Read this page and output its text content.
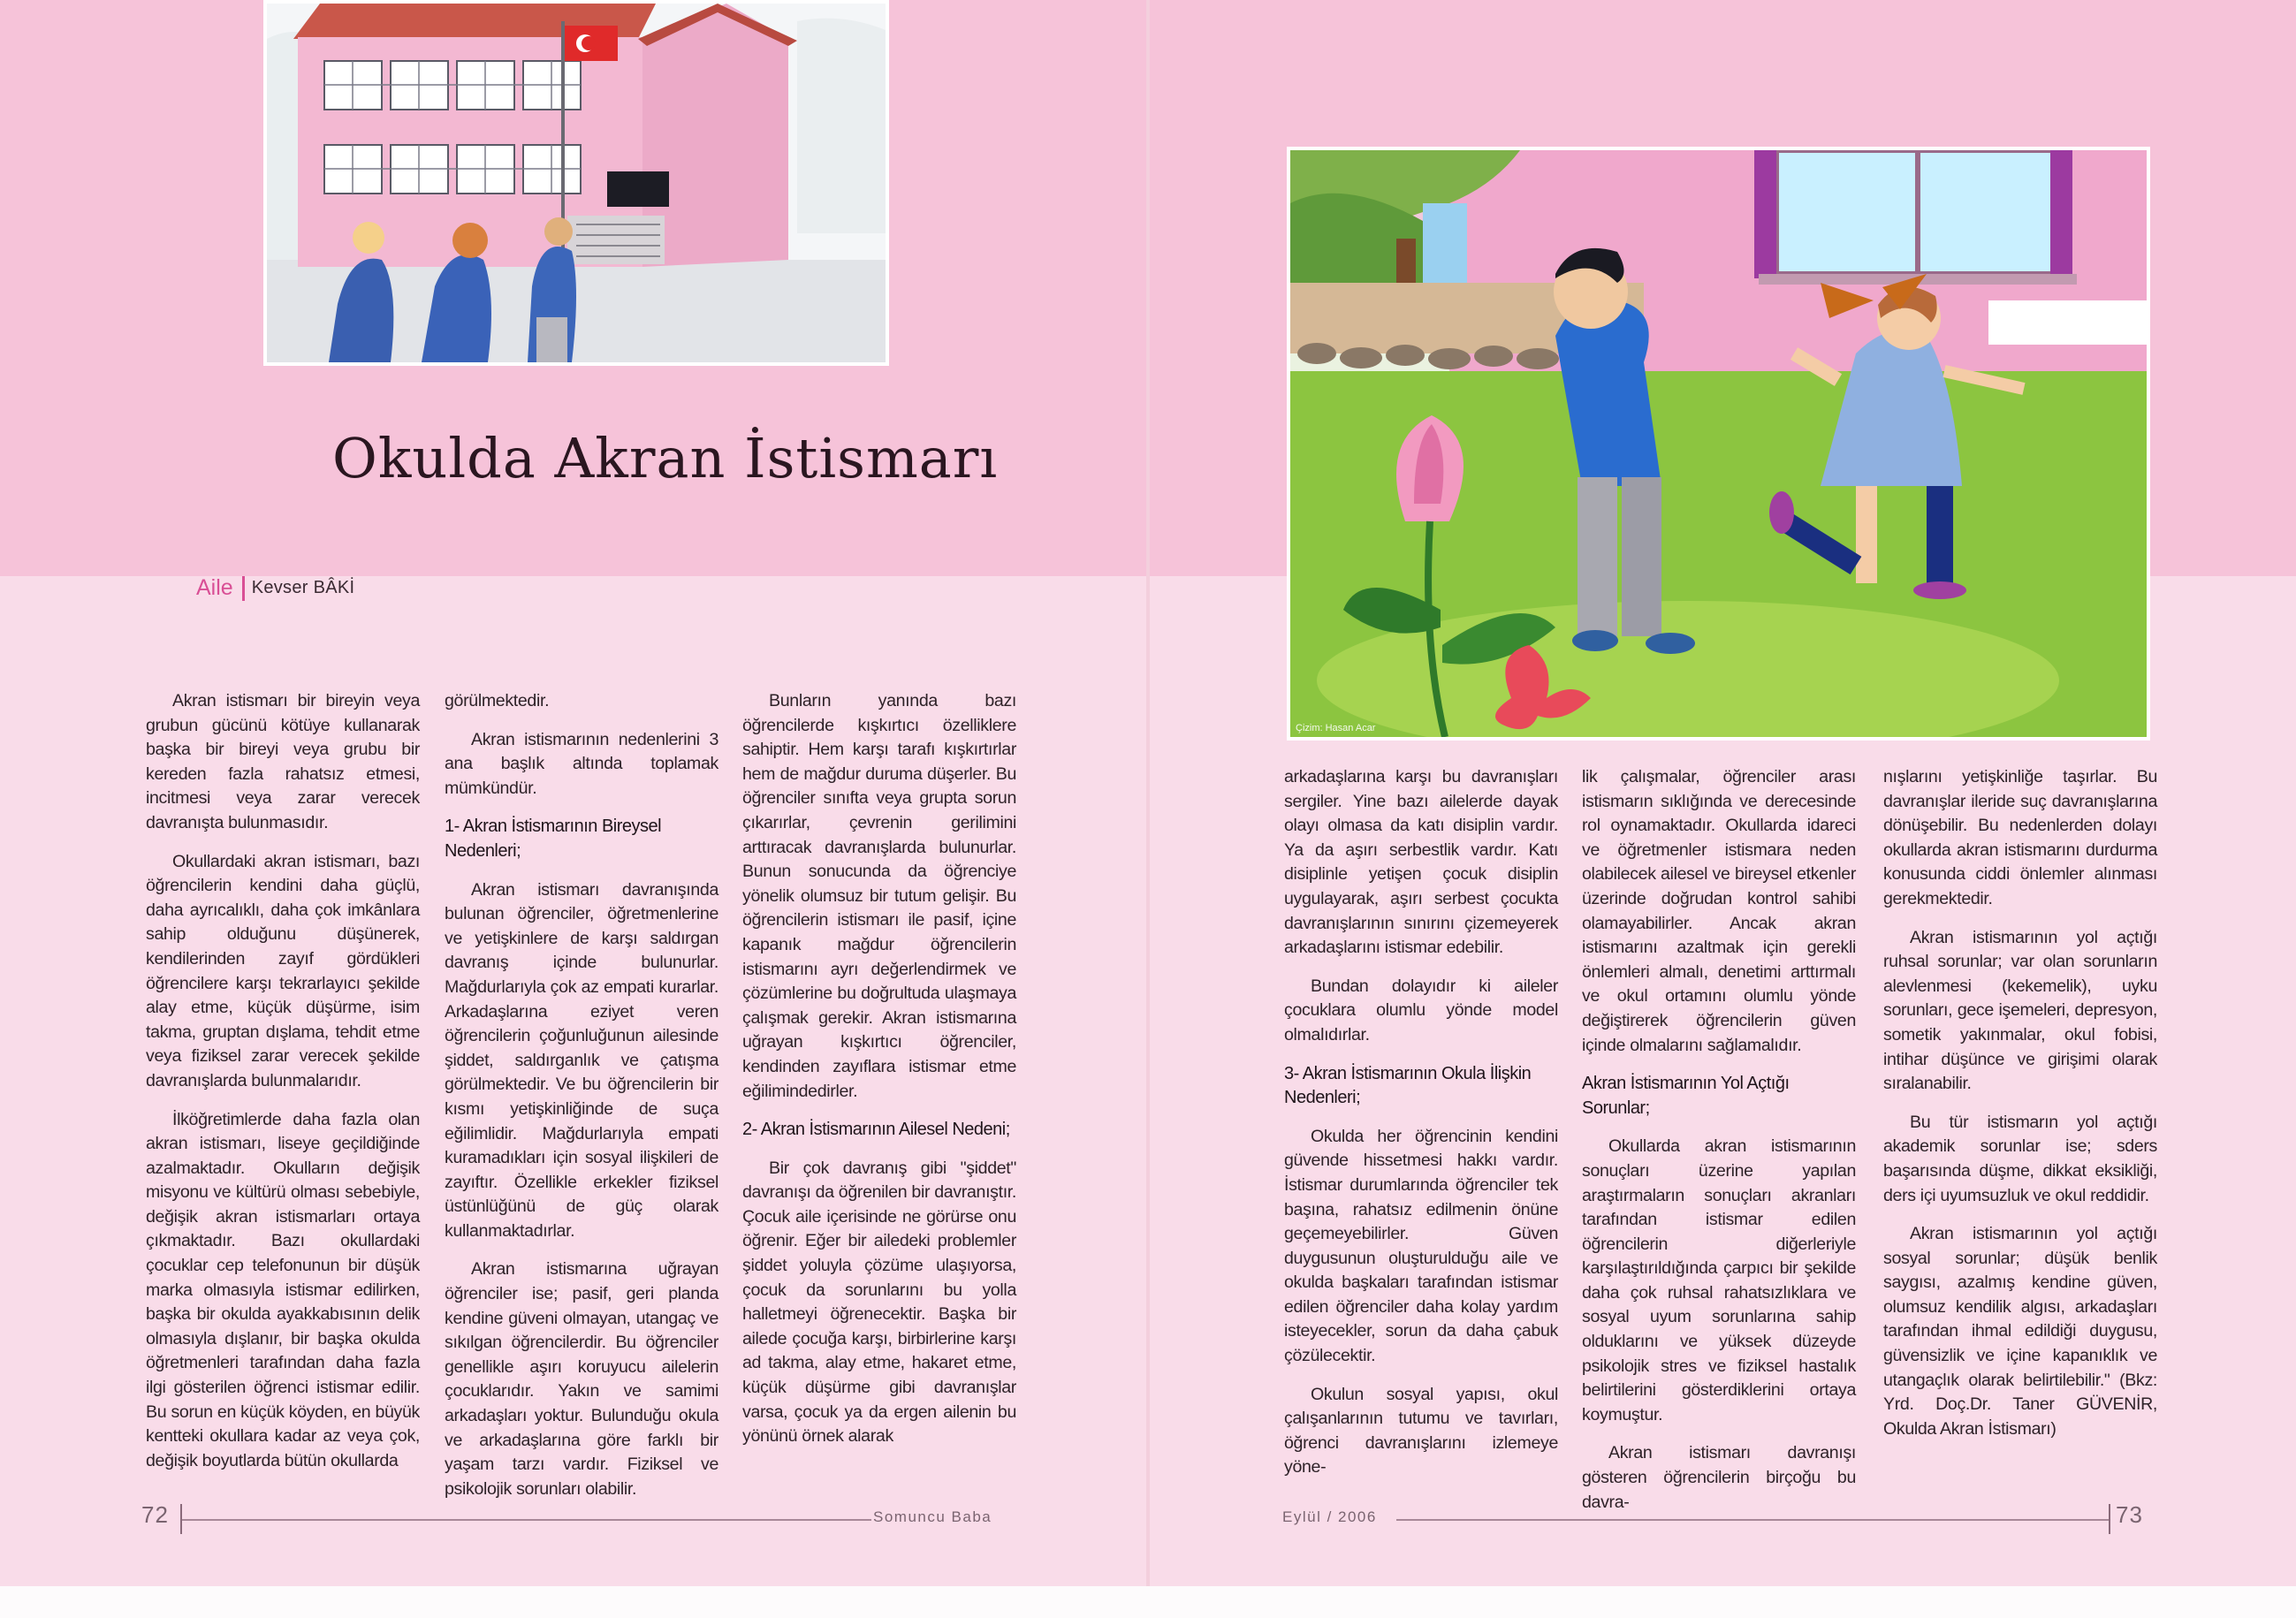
Çizim: Hasan Acar
Okulda Akran İstismarı
Aile Kevser BÂKİ

Akran istismarı bir bireyin veya grubun gücünü kötüye kullanarak başka bir bireyi veya grubu bir kereden fazla rahatsız etmesi, incitmesi veya zarar verecek davranışta bulunmasıdır.

Okullardaki akran istismarı, bazı öğrencilerin kendini daha güçlü, daha ayrıcalıklı, daha çok imkânlara sahip olduğunu düşünerek, kendilerinden zayıf gördükleri öğrencilere karşı tekrarlayıcı şekilde alay etme, küçük düşürme, isim takma, gruptan dışlama, tehdit etme veya fiziksel zarar verecek şekilde davranışlarda bulunmalarıdır.

İlköğretimlerde daha fazla olan akran istismarı, liseye geçildiğinde azalmaktadır. Okulların değişik misyonu ve kültürü olması sebebiyle, değişik akran istismarları ortaya çıkmaktadır. Bazı okullardaki çocuklar cep telefonunun bir düşük marka olmasıyla istismar edilirken, başka bir okulda ayakkabısının delik olmasıyla dışlanır, bir başka okulda öğretmenleri tarafından daha fazla ilgi gösterilen öğrenci istismar edilir. Bu sorun en küçük köyden, en büyük kentteki okullara kadar az veya çok, değişik boyutlarda bütün okullarda

görülmektedir.

Akran istismarının nedenlerini 3 ana başlık altında toplamak mümkündür.

1- Akran İstismarının Bireysel Nedenleri;

Akran istismarı davranışında bulunan öğrenciler, öğretmenlerine ve yetişkinlere de karşı saldırgan davranış içinde bulunurlar. Mağdurlarıyla çok az empati kurarlar. Arkadaşlarına eziyet veren öğrencilerin çoğunluğunun ailesinde şiddet, saldırganlık ve çatışma görülmektedir. Ve bu öğrencilerin bir kısmı yetişkinliğinde de suça eğilimlidir. Mağdurlarıyla empati kuramadıkları için sosyal ilişkileri de zayıftır. Özellikle erkekler fiziksel üstünlüğünü de güç olarak kullanmaktadırlar.

Akran istismarına uğrayan öğrenciler ise; pasif, geri planda kendine güveni olmayan, utangaç ve sıkılgan öğrencilerdir. Bu öğrenciler genellikle aşırı koruyucu ailelerin çocuklarıdır. Yakın ve samimi arkadaşları yoktur. Bulunduğu okula ve arkadaşlarına göre farklı bir yaşam tarzı vardır. Fiziksel ve psikolojik sorunları olabilir.

Bunların yanında bazı öğrencilerde kışkırtıcı özelliklere sahiptir. Hem karşı tarafı kışkırtırlar hem de mağdur duruma düşerler. Bu öğrenciler sınıfta veya grupta sorun çıkarırlar, çevrenin gerilimini arttıracak davranışlarda bulunurlar. Bunun sonucunda da öğrenciye yönelik olumsuz bir tutum gelişir. Bu öğrencilerin istismarı ile pasif, içine kapanık mağdur öğrencilerin istismarını ayrı değerlendirmek ve çözümlerine bu doğrultuda ulaşmaya çalışmak gerekir. Akran istismarına uğrayan kışkırtıcı öğrenciler, kendinden zayıflara istismar etme eğilimindedirler.

2- Akran İstismarının Ailesel Nedeni;

Bir çok davranış gibi "şiddet" davranışı da öğrenilen bir davranıştır. Çocuk aile içerisinde ne görürse onu öğrenir. Eğer bir ailedeki problemler şiddet yoluyla çözüme ulaşıyorsa, çocuk da sorunlarını bu yolla halletmeyi öğrenecektir. Başka bir ailede çocuğa karşı, birbirlerine karşı ad takma, alay etme, hakaret etme, küçük düşürme gibi davranışlar varsa, çocuk ya da ergen ailenin bu yönünü örnek alarak

arkadaşlarına karşı bu davranışları sergiler. Yine bazı ailelerde dayak olayı olmasa da katı disiplin vardır. Ya da aşırı serbestlik vardır. Katı disiplinle yetişen çocuk disiplin uygulayarak, aşırı serbest çocukta davranışlarının sınırını çizemeyerek arkadaşlarını istismar edebilir.

Bundan dolayıdır ki aileler çocuklara olumlu yönde model olmalıdırlar.

3- Akran İstismarının Okula İlişkin Nedenleri;

Okulda her öğrencinin kendini güvende hissetmesi hakkı vardır. İstismar durumlarında öğrenciler tek başına, rahatsız edilmenin önüne geçemeyebilirler. Güven duygusunun oluşturulduğu aile ve okulda başkaları tarafından istismar edilen öğrenciler daha kolay yardım isteyecekler, sorun da daha çabuk çözülecektir.

Okulun sosyal yapısı, okul çalışanlarının tutumu ve tavırları, öğrenci davranışlarını izlemeye yöne-

lik çalışmalar, öğrenciler arası istismarın sıklığında ve derecesinde rol oynamaktadır. Okullarda idareci ve öğretmenler istismara neden olabilecek ailesel ve bireysel etkenler üzerinde doğrudan kontrol sahibi olamayabilirler. Ancak akran istismarını azaltmak için gerekli önlemleri almalı, denetimi arttırmalı ve okul ortamını olumlu yönde değiştirerek öğrencilerin güven içinde olmalarını sağlamalıdır.

Akran İstismarının Yol Açtığı Sorunlar;

Okullarda akran istismarının sonuçları üzerine yapılan araştırmaların sonuçları akranları tarafından istismar edilen öğrencilerin diğerleriyle karşılaştırıldığında çarpıcı bir şekilde daha çok ruhsal rahatsızlıklara ve sosyal uyum sorunlarına sahip olduklarını ve yüksek düzeyde psikolojik stres ve fiziksel hastalık belirtilerini gösterdiklerini ortaya koymuştur.

Akran istismarı davranışı gösteren öğrencilerin birçoğu bu davra-

nışlarını yetişkinliğe taşırlar. Bu davranışlar ileride suç davranışlarına dönüşebilir. Bu nedenlerden dolayı okullarda akran istismarını durdurma konusunda ciddi önlemler alınması gerekmektedir.

Akran istismarının yol açtığı ruhsal sorunlar; var olan sorunların alevlenmesi (kekemelik), uyku sorunları, gece işemeleri, depresyon, sometik yakınmalar, okul fobisi, intihar düşünce ve girişimi olarak sıralanabilir.

Bu tür istismarın yol açtığı akademik sorunlar ise; sders başarısında düşme, dikkat eksikliği, ders içi uyumsuzluk ve okul reddidir.

Akran istismarının yol açtığı sosyal sorunlar; düşük benlik saygısı, azalmış kendine güven, olumsuz kendilik algısı, arkadaşları tarafından ihmal edildiği duygusu, güvensizlik ve içine kapanıklık ve utangaçlık olarak belirtilebilir." (Bkz: Yrd. Doç.Dr. Taner GÜVENİR, Okulda Akran İstismarı)

72	Somuncu Baba	Eylül / 2006	73
